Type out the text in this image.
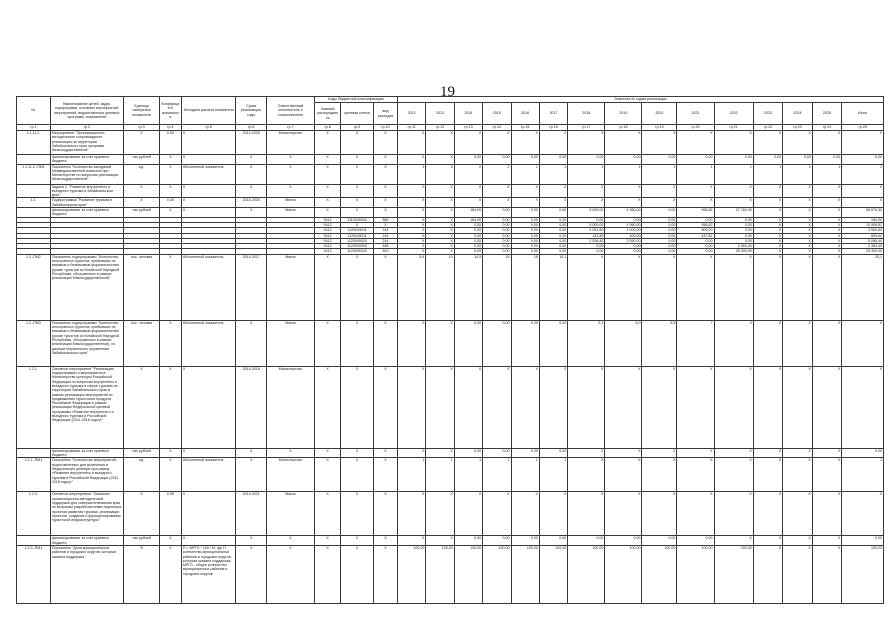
19
№	Наименование целей, задач, подпрограмм, основных мероприятий, мероприятий, ведомственных целевых программ, показателей	Единица измерения показателя	Коэффициент значимости	Методика расчета показателя	Сроки реализации, годы	Ответственный исполнитель и соисполнители	Коды бюджетной классификации			Значения по годам реализации														
							главный распорядитель	целевая статья	вид расходов	2012	2013	2014	2015	2016	2017	2018	2019	2020	2021	2022	2023	2024	2025	Итого
гр.1	гр.2	гр.3	гр.4	гр.5	гр.6	гр.7	гр.8	гр.9	гр.10	гр.11	гр.12	гр.13	гр.14	гр.15	гр.16	гр.17	гр.18	гр.19	гр.20	гр.21	гр.22	гр.23	гр.24	гр.25
1.1.11.2.	Мероприятие "Организационно-методическое сопровождение реализации на территории Забайкальского края программ Межгосударственной"	Х	0,50	Х	2014-2025	Министерство	Х	Х	Х	Х	Х	Х	Х	Х	Х	Х	Х	Х	Х	Х	Х	Х	Х	Х
	финансирование за счет краевого бюджета	тыс.рублей	Х	Х	Х	Х	Х	Х	Х	Х	Х	0,00	0,00	0,00	0,00	0,00	0,00	0,00	0,00	0,00	0,00	0,00	0,00	0,00
1.1.11.2.-ПМ1	Показатель "Количество заседаний Межведомственной комиссии при Министерстве по вопросам реализации Межгосударственной"	ед.	Х	Абсолютный показатель	Х	Х	Х	Х	Х	1	2	2	2	1	1	1	1	1	1	1	1	1	1	1
	Задача 2. "Развитие внутреннего и въездного туризма в Забайкальском крае"	Х	Х	Х	Х	Х	Х	Х	Х	Х	Х	Х	Х	Х	Х	Х	Х	Х	Х	Х	Х	Х	Х	Х
1.2.	Подпрограмма "Развитие туризма в Забайкальском крае"	Х	0,40	Х	2014-2025	Минэк	Х	Х	Х	Х	Х	Х	Х	Х	Х	Х	Х	Х	Х	Х	Х	Х	Х	Х
	финансирование за счет краевого бюджета	тыс.рублей	Х	Х	Х	Минэк	Х	Х	Х	Х	Х	184,90	0,00	0,00	0,00	5 000,00	4 950,00	0,00	956,82	27 784,40	Х	Х	Х	38 876,52
							0412	1110049000	880	Х	Х	184,90	0,00	0,00	0,00	0,00	0,00	0,00	0,00	0,00	Х	Х	Х	184,90
							0412	Х	Х	Х	Х	0,00	0,00	0,00	0,00	5 000,00	4 950,00	0,00	956,82	0,00	Х	Х	Х	10 906,82
							0412	1120049011	244	Х	Х	0,00	0,00	0,00	0,00	2 051,80	1 000,00	0,00	509,00	0,00	Х	Х	Х	3 560,80
							0412	1120049011	244	Х	Х	0,00	0,00	0,00	0,00	411,80	400,00	0,00	447,82	0,00	Х	Х	Х	859,62
							0412	1120049020	244	Х	Х	0,00	0,00	0,00	0,00	2 536,40	3 550,00	0,00	0,00	0,00	Х	Х	Х	5 086,40
							0412	1120049090	466	Х	Х	0,00	0,00	0,00	0,00	0,00	0,00	0,00	0,00	2 384,40	Х	Х	Х	2 384,40
							0412	1120049020	810	Х	Х	0,00	0,00	0,00	0,00	0,00	0,00	0,00	0,00	25 400,00	Х	Х	Х	25 400,00
1.2.-ПМ2	Показатель подпрограммы "Количество иностранных туристов, прибывших по визовым и безвизовым формальностям (кроме туристов из Китайской Народной Республики, обслуженных в рамках реализации Межгосударственной)"	тыс. человек	Х	Абсолютный показатель	2014-2017	Минэк	Х	Х	Х	5,4	10	14,5	15	15	15,1	Х	Х	Х	Х	Х	Х	Х	Х	15,1
1.2.-ПМ3	Показатель подпрограммы "Количество иностранных туристов, прибывших по визовым и безвизовым формальностям (кроме туристов из Китайской Народной Республики, обслуженных в рамках реализации Межгосударственной), по данным пограничного управления Забайкальского края"	тыс. человек	Х	Абсолютный показатель	Х	Минэк	Х	Х	Х	Х	Х	0,00	0,00	0,00	0,00	5,1	6,0	6,5	7	0	Х	Х	Х	0
1.2.1.	Основное мероприятие "Реализация подпрограммы и мероприятия в Министерстве культуры Российской Федерации по вопросам внутреннего и въездного туризма в сфере туризма на территории Забайкальского края в рамках реализации мероприятий по продвижению туристского продукта Российской Федерации в рамках реализации Федеральной целевой программы «Развитие внутреннего и въездного туризма в Российской Федерации (2011-2018 годы)»"	Х	Х	Х	2014-2018	Министерство	Х	Х	Х	Х	Х	Х	Х	Х	Х	Х	Х	Х	Х	Х	Х	Х	Х	Х
	финансирование за счет краевого бюджета	тыс.рублей	Х	Х	Х	Х	Х	Х	Х	Х	Х	0,00	0,00	0,00	0,00	Х	Х	Х	Х	Х	Х	Х	Х	0,00
1.2.1.-ПМ1	Показатель "Количество мероприятий, подготовленных для включения в Федеральную целевую программу «Развитие внутреннего и въездного туризма в Российской Федерации (2011-2018 годы)»"	ед.	Х	Абсолютный показатель	Х	Министерство	Х	Х	Х	1	1	1	1	1	1	Х	Х	Х	Х	Х	Х	Х	Х	1
1.2.3.	Основное мероприятие "Оказание организационно-методической поддержки для совершенствования края по вопросам разработки инвестиционных проектов развития туризма, реализации проектов, создании и функционировании туристской инфраструктуры"	Х	0,05	Х	2014-2021	Минэк	Х	Х	Х	Х	Х	Х	Х	Х	Х	Х	Х	Х	Х	Х	Х	Х	Х	Х
	финансирование за счет краевого бюджета	тыс.рублей	Х	Х	Х	Х	Х	Х	Х	Х	Х	0,00	0,00	0,00	0,00	0,00	0,00	0,00	0,00	Х	Х	Х	Х	0,00
1.2.3.-ПМ1	Показатель "Доля муниципальных районов и городских округов, которым оказана поддержка"	%	Х	П = МРГО * 100 / М, где П - количество муниципальных районов и городских округов, которым оказана поддержка; МРГО - общее количество муниципальных районов и городских округов	Х	Х	Х	Х	Х	100,00	100,00	100,00	100,00	100,00	100,00	100,00	100,00	100,00	100,00	100,00	Х	Х	Х	100,00
